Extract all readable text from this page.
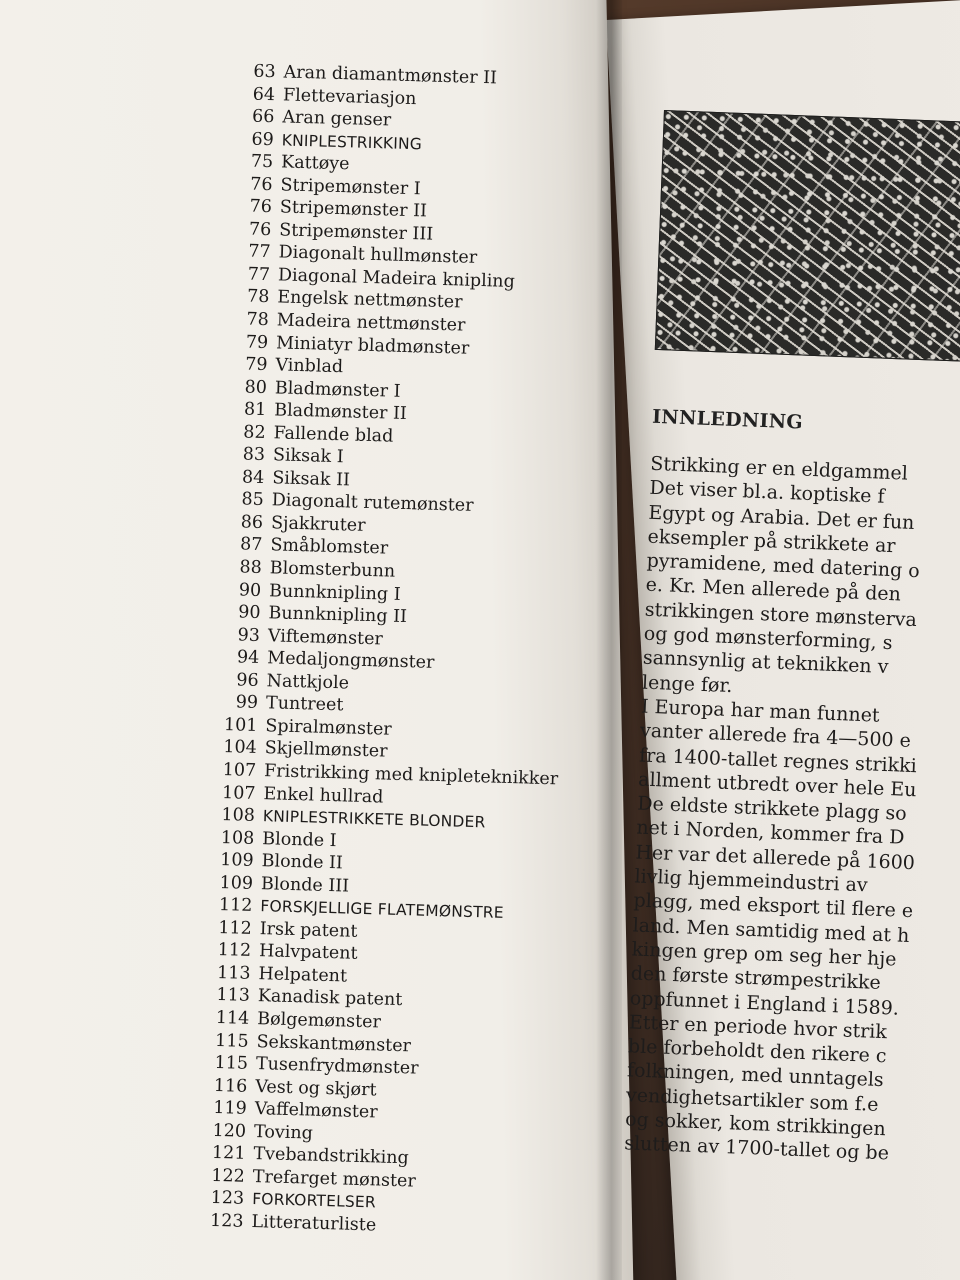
63 Aran diamantmønster II
64 Flettevariasjon
66 Aran genser
69 KNIPLESTRIKKING
75 Kattøye
76 Stripemønster I
76 Stripemønster II
76 Stripemønster III
77 Diagonalt hullmønster
77 Diagonal Madeira knipling
78 Engelsk nettmønster
78 Madeira nettmønster
79 Miniatyr bladmønster
79 Vinblad
80 Bladmønster I
81 Bladmønster II
82 Fallende blad
83 Siksak I
84 Siksak II
85 Diagonalt rutemønster
86 Sjakkruter
87 Småblomster
88 Blomsterbunn
90 Bunnknipling I
90 Bunnknipling II
93 Viftemønster
94 Medaljongmønster
96 Nattkjole
99 Tuntreet
101 Spiralmønster
104 Skjellmønster
107 Fristrikking med knipleteknikker
107 Enkel hullrad
108 KNIPLESTRIKKETE BLONDER
108 Blonde I
109 Blonde II
109 Blonde III
112 FORSKJELLIGE FLATEMØNSTRE
112 Irsk patent
112 Halvpatent
113 Helpatent
113 Kanadisk patent
114 Bølgemønster
115 Sekskantmønster
115 Tusenfrydmønster
116 Vest og skjørt
119 Vaffelmønster
120 Toving
121 Tvebandstrikking
122 Trefarget mønster
123 FORKORTELSER
123 Litteraturliste
INNLEDNING
Strikking er en eldgammel
Det viser bl.a. koptiske f
Egypt og Arabia. Det er fun
eksempler på strikkete ar
pyramidene, med datering o
e. Kr. Men allerede på den
strikkingen store mønsterva
og god mønsterforming, s
sannsynlig at teknikken v
lenge før.
I Europa har man funnet
vanter allerede fra 4—500 e
fra 1400-tallet regnes strikki
allment utbredt over hele Eu
De eldste strikkete plagg so
net i Norden, kommer fra D
Her var det allerede på 1600
livlig hjemmeindustri av
plagg, med eksport til flere e
land. Men samtidig med at h
kingen grep om seg her hje
den første strømpestrikke
oppfunnet i England i 1589.
Etter en periode hvor strik
ble forbeholdt den rikere c
folkningen, med unntagels
vendighetsartikler som f.e
og sokker, kom strikkingen
slutten av 1700-tallet og be
